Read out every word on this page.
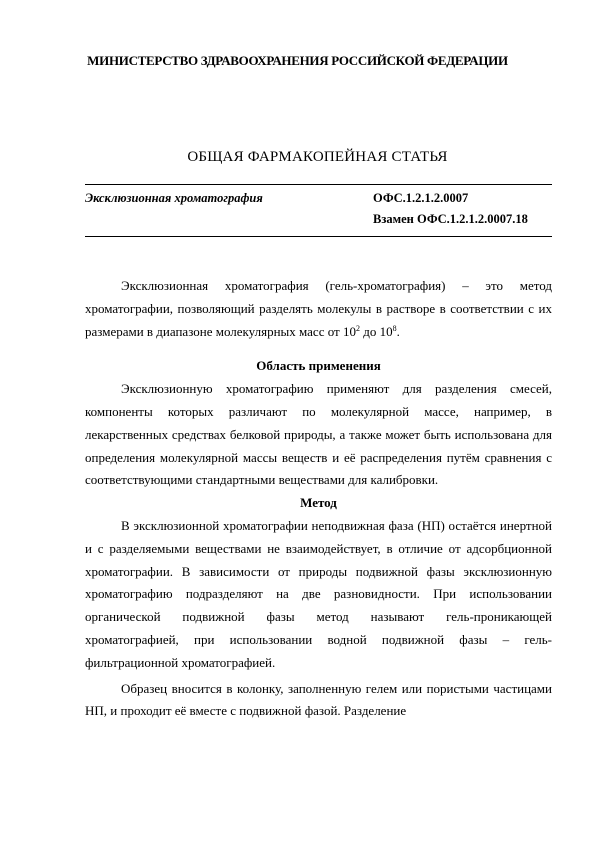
МИНИСТЕРСТВО ЗДРАВООХРАНЕНИЯ РОССИЙСКОЙ ФЕДЕРАЦИИ
ОБЩАЯ ФАРМАКОПЕЙНАЯ СТАТЬЯ
Эксклюзионная хроматография	ОФС.1.2.1.2.0007
Взамен ОФС.1.2.1.2.0007.18

Эксклюзионная хроматография (гель-хроматография) – это метод хроматографии, позволяющий разделять молекулы в растворе в соответствии с их размерами в диапазоне молекулярных масс от $10^2$ до $10^8$.

Область применения

Эксклюзионную хроматографию применяют для разделения смесей, компоненты которых различают по молекулярной массе, например, в лекарственных средствах белковой природы, а также может быть использована для определения молекулярной массы веществ и её распределения путём сравнения с соответствующими стандартными веществами для калибровки.

Метод

В эксклюзионной хроматографии неподвижная фаза (НП) остаётся инертной и с разделяемыми веществами не взаимодействует, в отличие от адсорбционной хроматографии. В зависимости от природы подвижной фазы эксклюзионную хроматографию подразделяют на две разновидности. При использовании органической подвижной фазы метод называют гель-проникающей хроматографией, при использовании водной подвижной фазы – гель-фильтрационной хроматографией.

Образец вносится в колонку, заполненную гелем или пористыми частицами НП, и проходит её вместе с подвижной фазой. Разделение
